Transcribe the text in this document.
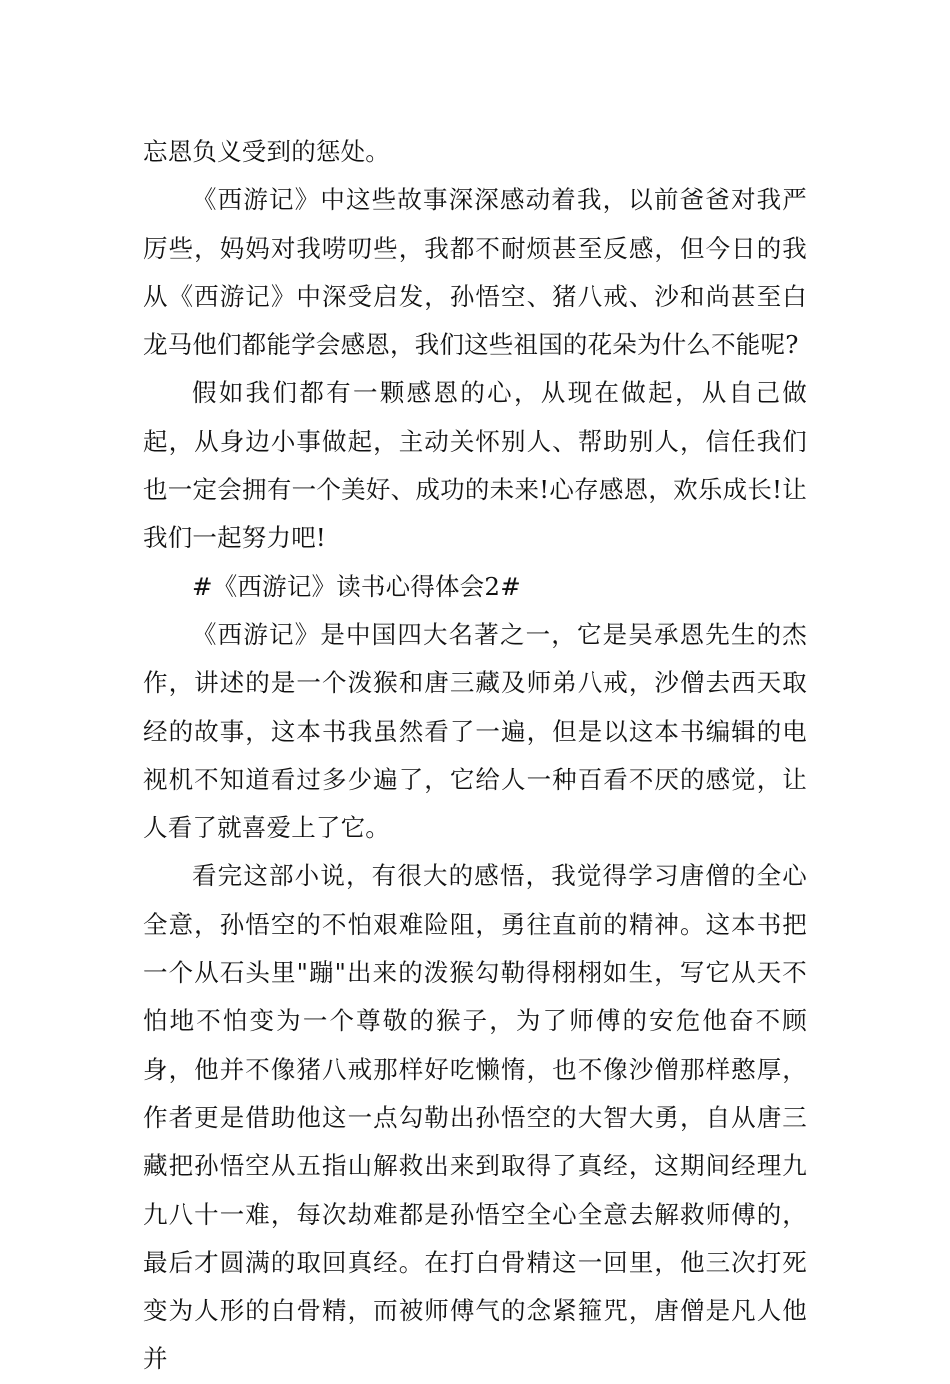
忘恩负义受到的惩处。

《西游记》中这些故事深深感动着我，以前爸爸对我严厉些，妈妈对我唠叨些，我都不耐烦甚至反感，但今日的我从《西游记》中深受启发，孙悟空、猪八戒、沙和尚甚至白龙马他们都能学会感恩，我们这些祖国的花朵为什么不能呢?

假如我们都有一颗感恩的心，从现在做起，从自己做起，从身边小事做起，主动关怀别人、帮助别人，信任我们也一定会拥有一个美好、成功的未来!心存感恩，欢乐成长!让我们一起努力吧!

#《西游记》读书心得体会2#

《西游记》是中国四大名著之一，它是吴承恩先生的杰作，讲述的是一个泼猴和唐三藏及师弟八戒，沙僧去西天取经的故事，这本书我虽然看了一遍，但是以这本书编辑的电视机不知道看过多少遍了，它给人一种百看不厌的感觉，让人看了就喜爱上了它。

看完这部小说，有很大的感悟，我觉得学习唐僧的全心全意，孙悟空的不怕艰难险阻，勇往直前的精神。这本书把一个从石头里"蹦"出来的泼猴勾勒得栩栩如生，写它从天不怕地不怕变为一个尊敬的猴子，为了师傅的安危他奋不顾身，他并不像猪八戒那样好吃懒惰，也不像沙僧那样憨厚，作者更是借助他这一点勾勒出孙悟空的大智大勇，自从唐三藏把孙悟空从五指山解救出来到取得了真经，这期间经理九九八十一难，每次劫难都是孙悟空全心全意去解救师傅的，最后才圆满的取回真经。在打白骨精这一回里，他三次打死变为人形的白骨精，而被师傅气的念紧箍咒，唐僧是凡人他并
